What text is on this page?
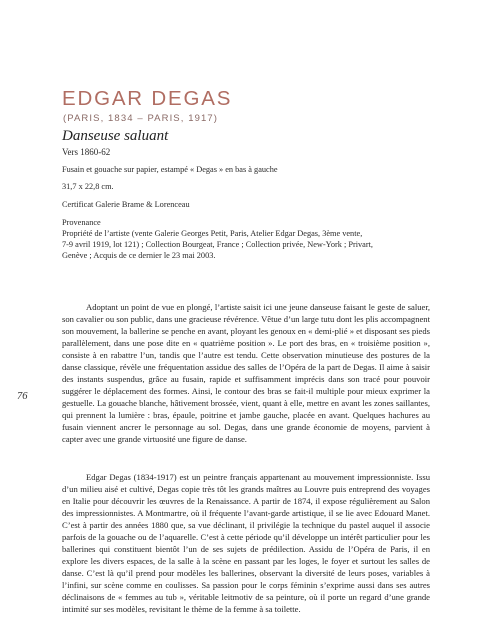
EDGAR DEGAS
(PARIS, 1834 – PARIS, 1917)
Danseuse saluant
Vers 1860-62
Fusain et gouache sur papier, estampé « Degas » en bas à gauche
31,7 x 22,8 cm.
Certificat Galerie Brame & Lorenceau
Provenance
Propriété de l’artiste (vente Galerie Georges Petit, Paris, Atelier Edgar Degas, 3ème vente,
7-9 avril 1919, lot 121) ; Collection Bourgeat, France ; Collection privée, New-York ; Privart,
Genève ; Acquis de ce dernier le 23 mai 2003.
76

Adoptant un point de vue en plongé, l’artiste saisit ici une jeune danseuse faisant le geste de saluer, son cavalier ou son public, dans une gracieuse révérence. Vêtue d’un large tutu dont les plis accompagnent son mouvement, la ballerine se penche en avant, ployant les genoux en « demi-plié » et disposant ses pieds parallèlement, dans une pose dite en « quatrième position ». Le port des bras, en « troisième position », consiste à en rabattre l’un, tandis que l’autre est tendu. Cette observation minutieuse des postures de la danse classique, révèle une fréquentation assidue des salles de l’Opéra de la part de Degas. Il aime à saisir des instants suspendus, grâce au fusain, rapide et suffisamment imprécis dans son tracé pour pouvoir suggérer le déplacement des formes. Ainsi, le contour des bras se fait-il multiple pour mieux exprimer la gestuelle. La gouache blanche, hâtivement brossée, vient, quant à elle, mettre en avant les zones saillantes, qui prennent la lumière : bras, épaule, poitrine et jambe gauche, placée en avant. Quelques hachures au fusain viennent ancrer le personnage au sol. Degas, dans une grande économie de moyens, parvient à capter avec une grande virtuosité une figure de danse.

Edgar Degas (1834-1917) est un peintre français appartenant au mouvement impressionniste. Issu d’un milieu aisé et cultivé, Degas copie très tôt les grands maîtres au Louvre puis entreprend des voyages en Italie pour découvrir les œuvres de la Renaissance. A partir de 1874, il expose régulièrement au Salon des impressionnistes. A Montmartre, où il fréquente l’avant-garde artistique, il se lie avec Edouard Manet. C’est à partir des années 1880 que, sa vue déclinant, il privilégie la technique du pastel auquel il associe parfois de la gouache ou de l’aquarelle. C’est à cette période qu’il développe un intérêt particulier pour les ballerines qui constituent bientôt l’un de ses sujets de prédilection. Assidu de l’Opéra de Paris, il en explore les divers espaces, de la salle à la scène en passant par les loges, le foyer et surtout les salles de danse. C’est là qu’il prend pour modèles les ballerines, observant la diversité de leurs poses, variables à l’infini, sur scène comme en coulisses. Sa passion pour le corps féminin s’exprime aussi dans ses autres déclinaisons de « femmes au tub », véritable leitmotiv de sa peinture, où il porte un regard d’une grande intimité sur ses modèles, revisitant le thème de la femme à sa toilette.
